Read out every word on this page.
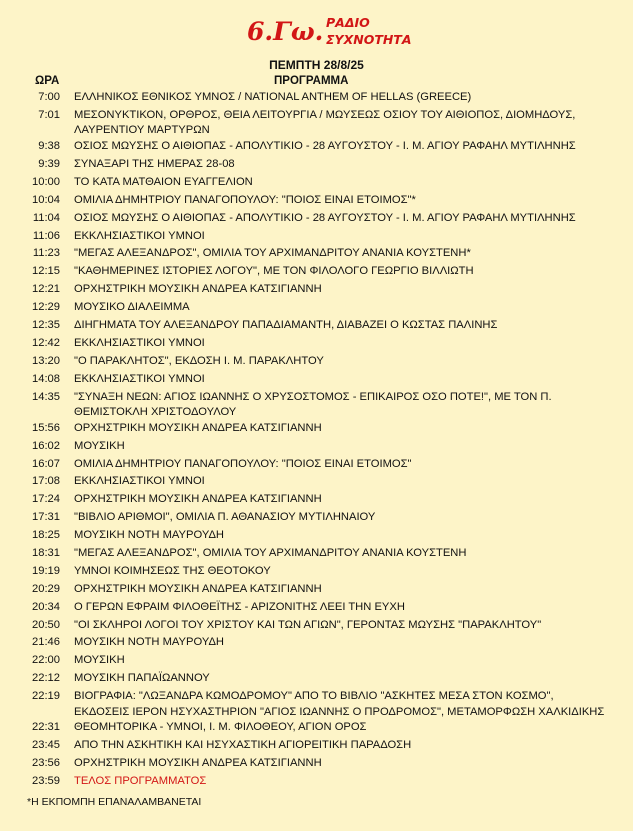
6.Γω. ΡΑΔΙΟ
ΣΥΧΝΟΤΗΤΑ
ΠΕΜΠΤΗ 28/8/25
ΩΡΑ	ΠΡΟΓΡΑΜΜΑ
7:00	ΕΛΛΗΝΙΚΟΣ ΕΘΝΙΚΟΣ ΥΜΝΟΣ / NATIONAL ANTHEM OF HELLAS (GREECE)
7:01	ΜΕΣΟΝΥΚΤΙΚΟΝ, ΟΡΘΡΟΣ, ΘΕΙΑ ΛΕΙΤΟΥΡΓΙΑ / ΜΩΥΣΕΩΣ ΟΣΙΟΥ ΤΟΥ ΑΙΘΙΟΠΟΣ, ΔΙΟΜΗΔΟΥΣ,
ΛΑΥΡΕΝΤΙΟΥ ΜΑΡΤΥΡΩΝ
9:38	ΟΣΙΟΣ ΜΩΥΣΗΣ Ο ΑΙΘΙΟΠΑΣ - ΑΠΟΛΥΤΙΚΙΟ - 28 ΑΥΓΟΥΣΤΟΥ - Ι. Μ. ΑΓΙΟΥ ΡΑΦΑΗΛ ΜΥΤΙΛΗΝΗΣ
9:39	ΣΥΝΑΞΑΡΙ ΤΗΣ ΗΜΕΡΑΣ 28-08
10:00	ΤΟ ΚΑΤΑ ΜΑΤΘΑΙΟΝ ΕΥΑΓΓΕΛΙΟΝ
10:04	ΟΜΙΛΙΑ ΔΗΜΗΤΡΙΟΥ ΠΑΝΑΓΟΠΟΥΛΟΥ: "ΠΟΙΟΣ ΕΙΝΑΙ ΕΤΟΙΜΟΣ"*
11:04	ΟΣΙΟΣ ΜΩΥΣΗΣ Ο ΑΙΘΙΟΠΑΣ - ΑΠΟΛΥΤΙΚΙΟ - 28 ΑΥΓΟΥΣΤΟΥ - Ι. Μ. ΑΓΙΟΥ ΡΑΦΑΗΛ ΜΥΤΙΛΗΝΗΣ
11:06	ΕΚΚΛΗΣΙΑΣΤΙΚΟΙ ΥΜΝΟΙ
11:23	"ΜΕΓΑΣ ΑΛΕΞΑΝΔΡΟΣ", ΟΜΙΛΙΑ ΤΟΥ ΑΡΧΙΜΑΝΔΡΙΤΟΥ ΑΝΑΝΙΑ ΚΟΥΣΤΕΝΗ*
12:15	"ΚΑΘΗΜΕΡΙΝΕΣ ΙΣΤΟΡΙΕΣ ΛΟΓΟΥ", ΜΕ ΤΟΝ ΦΙΛΟΛΟΓΟ ΓΕΩΡΓΙΟ ΒΙΛΛΙΩΤΗ
12:21	ΟΡΧΗΣΤΡΙΚΗ ΜΟΥΣΙΚΗ ΑΝΔΡΕΑ ΚΑΤΣΙΓΙΑΝΝΗ
12:29	ΜΟΥΣΙΚΟ ΔΙΑΛΕΙΜΜΑ
12:35	ΔΙΗΓΗΜΑΤΑ ΤΟΥ ΑΛΕΞΑΝΔΡΟΥ ΠΑΠΑΔΙΑΜΑΝΤΗ, ΔΙΑΒΑΖΕΙ Ο ΚΩΣΤΑΣ ΠΑΛΙΝΗΣ
12:42	ΕΚΚΛΗΣΙΑΣΤΙΚΟΙ ΥΜΝΟΙ
13:20	"Ο ΠΑΡΑΚΛΗΤΟΣ", ΕΚΔΟΣΗ Ι. Μ. ΠΑΡΑΚΛΗΤΟΥ
14:08	ΕΚΚΛΗΣΙΑΣΤΙΚΟΙ ΥΜΝΟΙ
14:35	"ΣΥΝΑΞΗ ΝΕΩΝ: ΑΓΙΟΣ ΙΩΑΝΝΗΣ Ο ΧΡΥΣΟΣΤΟΜΟΣ - ΕΠΙΚΑΙΡΟΣ ΟΣΟ ΠΟΤΕ!", ΜΕ ΤΟΝ Π.
ΘΕΜΙΣΤΟΚΛΗ ΧΡΙΣΤΟΔΟΥΛΟΥ
15:56	ΟΡΧΗΣΤΡΙΚΗ ΜΟΥΣΙΚΗ ΑΝΔΡΕΑ ΚΑΤΣΙΓΙΑΝΝΗ
16:02	ΜΟΥΣΙΚΗ
16:07	ΟΜΙΛΙΑ ΔΗΜΗΤΡΙΟΥ ΠΑΝΑΓΟΠΟΥΛΟΥ: "ΠΟΙΟΣ ΕΙΝΑΙ ΕΤΟΙΜΟΣ"
17:08	ΕΚΚΛΗΣΙΑΣΤΙΚΟΙ ΥΜΝΟΙ
17:24	ΟΡΧΗΣΤΡΙΚΗ ΜΟΥΣΙΚΗ ΑΝΔΡΕΑ ΚΑΤΣΙΓΙΑΝΝΗ
17:31	"ΒΙΒΛΙΟ ΑΡΙΘΜΟΙ", ΟΜΙΛΙΑ Π. ΑΘΑΝΑΣΙΟΥ ΜΥΤΙΛΗΝΑΙΟΥ
18:25	ΜΟΥΣΙΚΗ ΝΟΤΗ ΜΑΥΡΟΥΔΗ
18:31	"ΜΕΓΑΣ ΑΛΕΞΑΝΔΡΟΣ", ΟΜΙΛΙΑ ΤΟΥ ΑΡΧΙΜΑΝΔΡΙΤΟΥ ΑΝΑΝΙΑ ΚΟΥΣΤΕΝΗ
19:19	ΥΜΝΟΙ ΚΟΙΜΗΣΕΩΣ ΤΗΣ ΘΕΟΤΟΚΟΥ
20:29	ΟΡΧΗΣΤΡΙΚΗ ΜΟΥΣΙΚΗ ΑΝΔΡΕΑ ΚΑΤΣΙΓΙΑΝΝΗ
20:34	Ο ΓΕΡΩΝ ΕΦΡΑΙΜ ΦΙΛΟΘΕΪΤΗΣ - ΑΡΙΖΟΝΙΤΗΣ ΛΕΕΙ ΤΗΝ ΕΥΧΗ
20:50	"ΟΙ ΣΚΛΗΡΟΙ ΛΟΓΟΙ ΤΟΥ ΧΡΙΣΤΟΥ ΚΑΙ ΤΩΝ ΑΓΙΩΝ", ΓΕΡΟΝΤΑΣ ΜΩΥΣΗΣ "ΠΑΡΑΚΛΗΤΟΥ"
21:46	ΜΟΥΣΙΚΗ ΝΟΤΗ ΜΑΥΡΟΥΔΗ
22:00	ΜΟΥΣΙΚΗ
22:12	ΜΟΥΣΙΚΗ ΠΑΠΑΪΩΑΝΝΟΥ
22:19	ΒΙΟΓΡΑΦΙΑ: "ΛΩΞΑΝΔΡΑ ΚΩΜΟΔΡΟΜΟΥ" ΑΠΟ ΤΟ ΒΙΒΛΙΟ "ΑΣΚΗΤΕΣ ΜΕΣΑ ΣΤΟΝ ΚΟΣΜΟ",
ΕΚΔΟΣΕΙΣ ΙΕΡΟΝ ΗΣΥΧΑΣΤΗΡΙΟΝ "ΑΓΙΟΣ ΙΩΑΝΝΗΣ Ο ΠΡΟΔΡΟΜΟΣ", ΜΕΤΑΜΟΡΦΩΣΗ ΧΑΛΚΙΔΙΚΗΣ
22:31	ΘΕΟΜΗΤΟΡΙΚΑ - ΥΜΝΟΙ, Ι. Μ. ΦΙΛΟΘΕΟΥ, ΑΓΙΟΝ ΟΡΟΣ
23:45	ΑΠΟ ΤΗΝ ΑΣΚΗΤΙΚΗ ΚΑΙ ΗΣΥΧΑΣΤΙΚΗ ΑΓΙΟΡΕΙΤΙΚΗ ΠΑΡΑΔΟΣΗ
23:56	ΟΡΧΗΣΤΡΙΚΗ ΜΟΥΣΙΚΗ ΑΝΔΡΕΑ ΚΑΤΣΙΓΙΑΝΝΗ
23:59	ΤΕΛΟΣ ΠΡΟΓΡΑΜΜΑΤΟΣ
*Η ΕΚΠΟΜΠΗ ΕΠΑΝΑΛΑΜΒΑΝΕΤΑΙ
